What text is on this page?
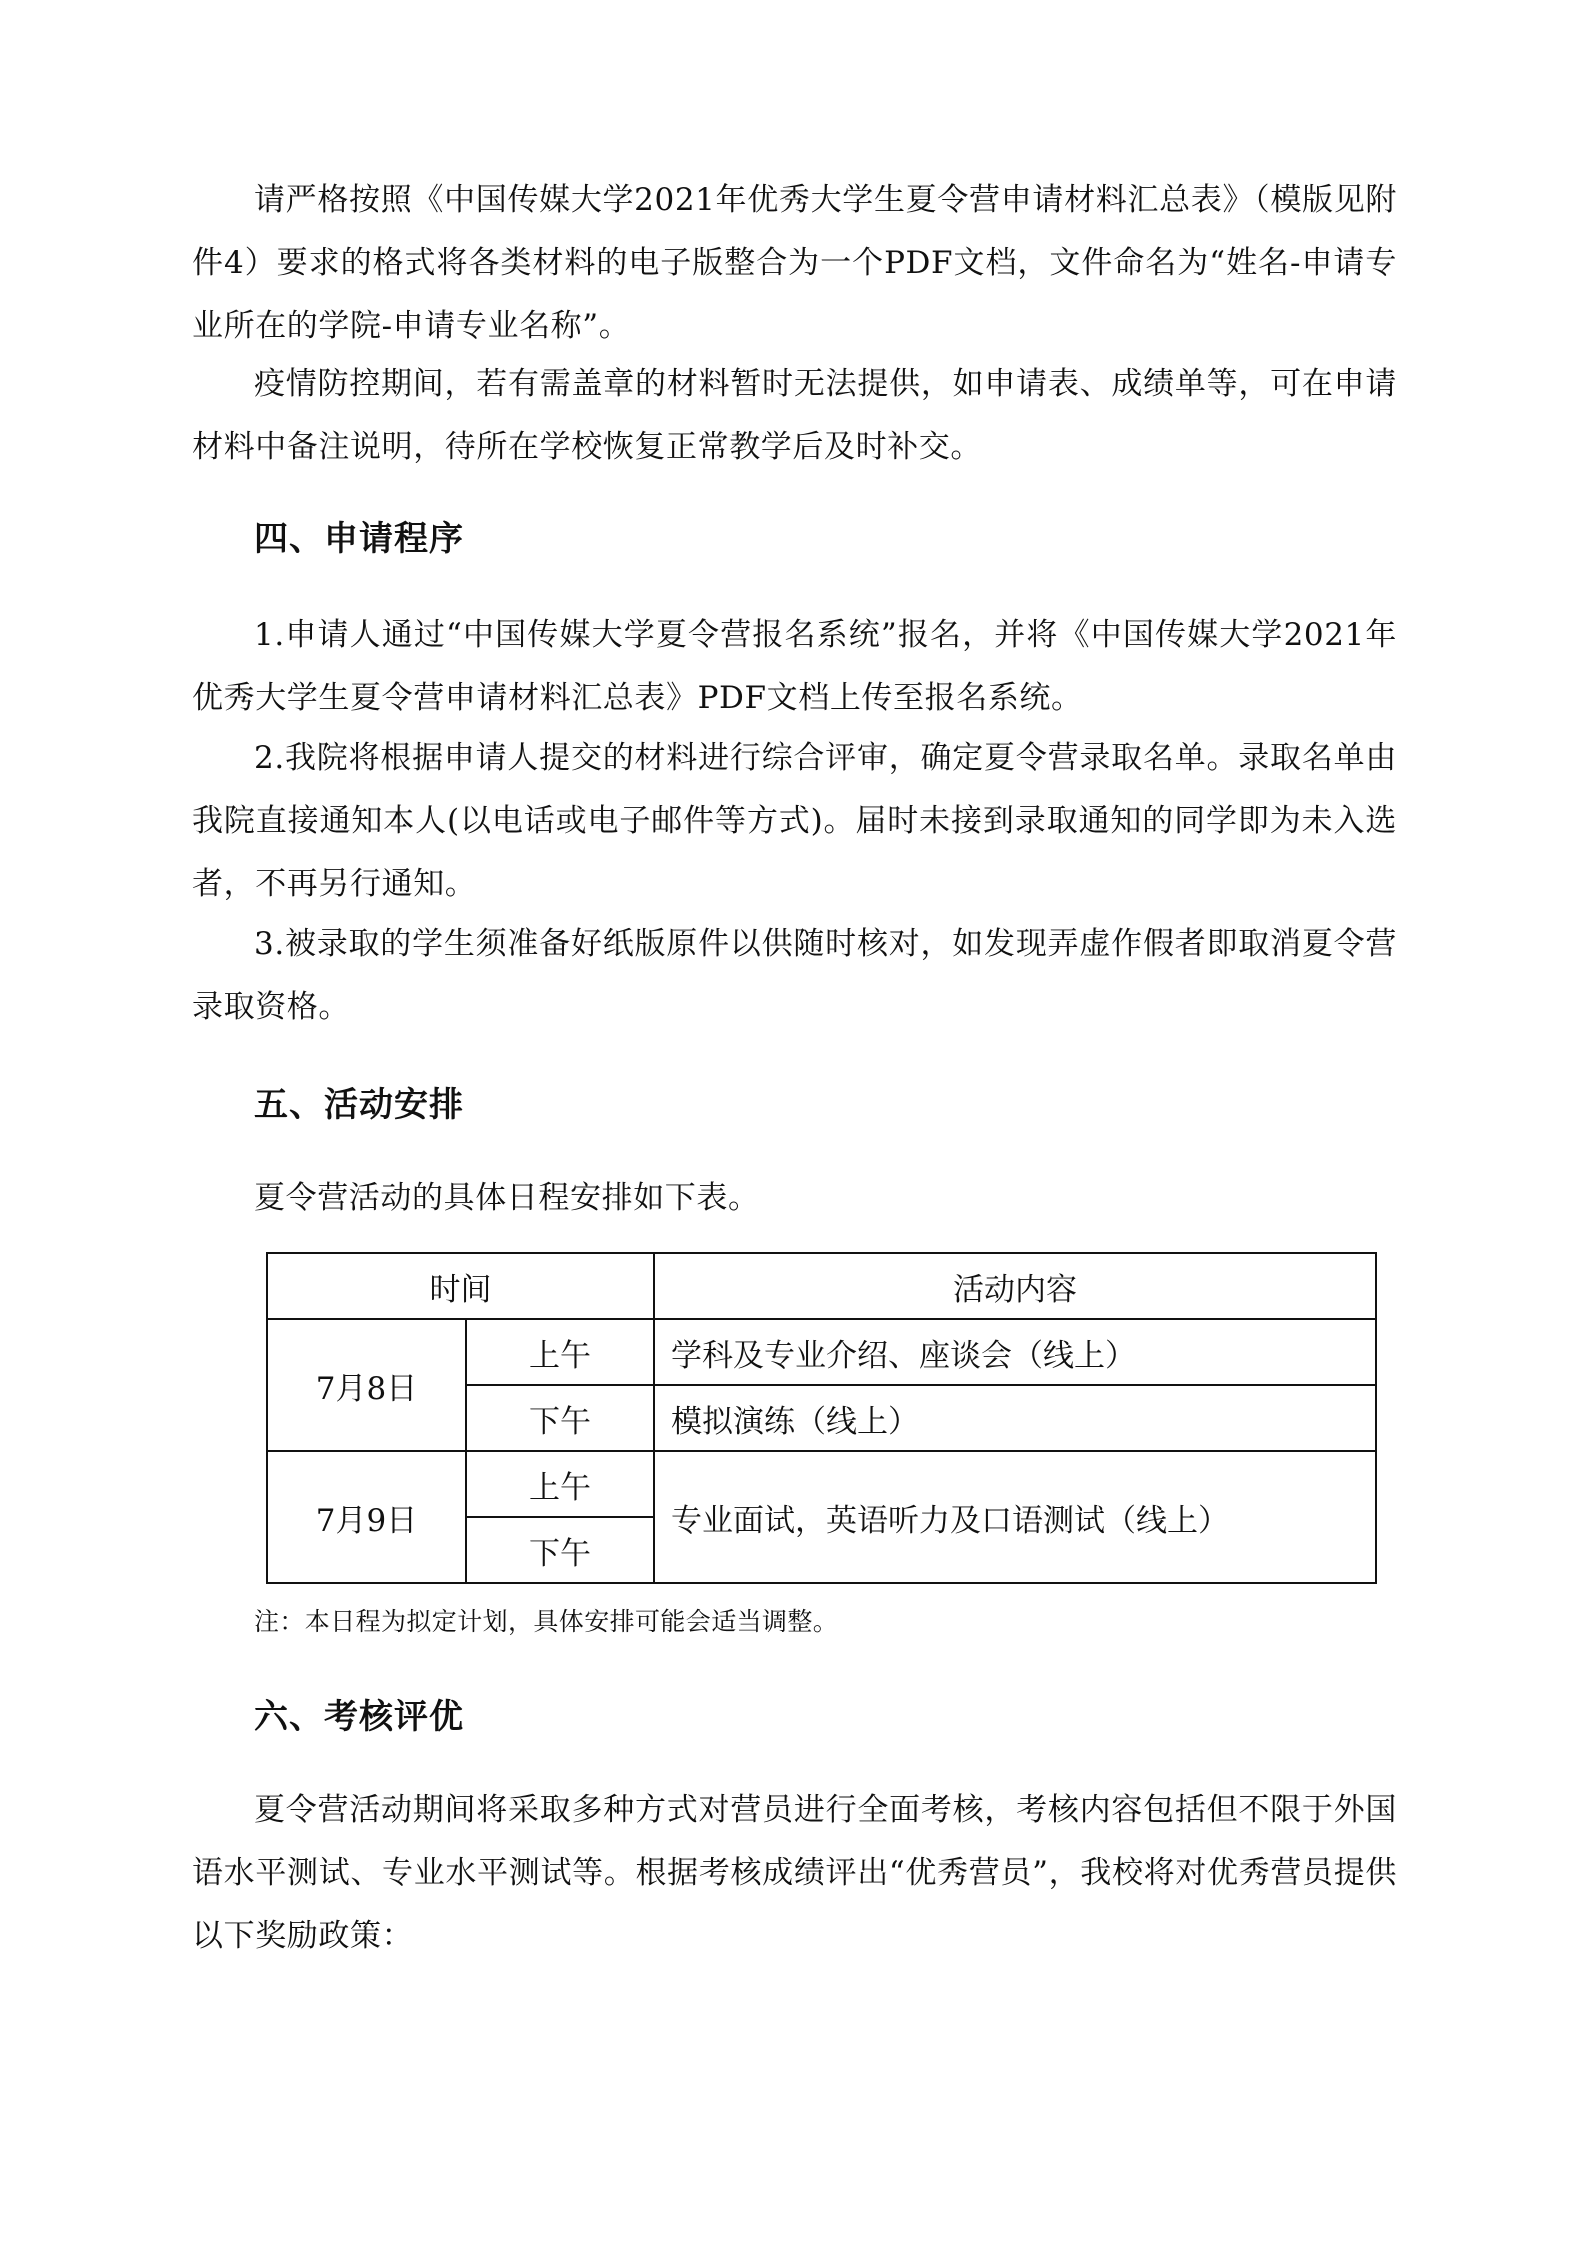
请严格按照《中国传媒大学2021年优秀大学生夏令营申请材料汇总表》（模版见附件4）要求的格式将各类材料的电子版整合为一个PDF文档，文件命名为“姓名-申请专业所在的学院-申请专业名称”。

疫情防控期间，若有需盖章的材料暂时无法提供，如申请表、成绩单等，可在申请材料中备注说明，待所在学校恢复正常教学后及时补交。

四、申请程序

1.申请人通过“中国传媒大学夏令营报名系统”报名，并将《中国传媒大学2021年优秀大学生夏令营申请材料汇总表》PDF文档上传至报名系统。

2.我院将根据申请人提交的材料进行综合评审，确定夏令营录取名单。录取名单由我院直接通知本人(以电话或电子邮件等方式)。届时未接到录取通知的同学即为未入选者，不再另行通知。

3.被录取的学生须准备好纸版原件以供随时核对，如发现弄虚作假者即取消夏令营录取资格。

五、活动安排

夏令营活动的具体日程安排如下表。

时间		活动内容
7月8日	上午	学科及专业介绍、座谈会（线上）
	下午	模拟演练（线上）
7月9日	上午	专业面试，英语听力及口语测试（线上）
	下午	

注：本日程为拟定计划，具体安排可能会适当调整。

六、考核评优

夏令营活动期间将采取多种方式对营员进行全面考核，考核内容包括但不限于外国语水平测试、专业水平测试等。根据考核成绩评出“优秀营员”，我校将对优秀营员提供以下奖励政策：
